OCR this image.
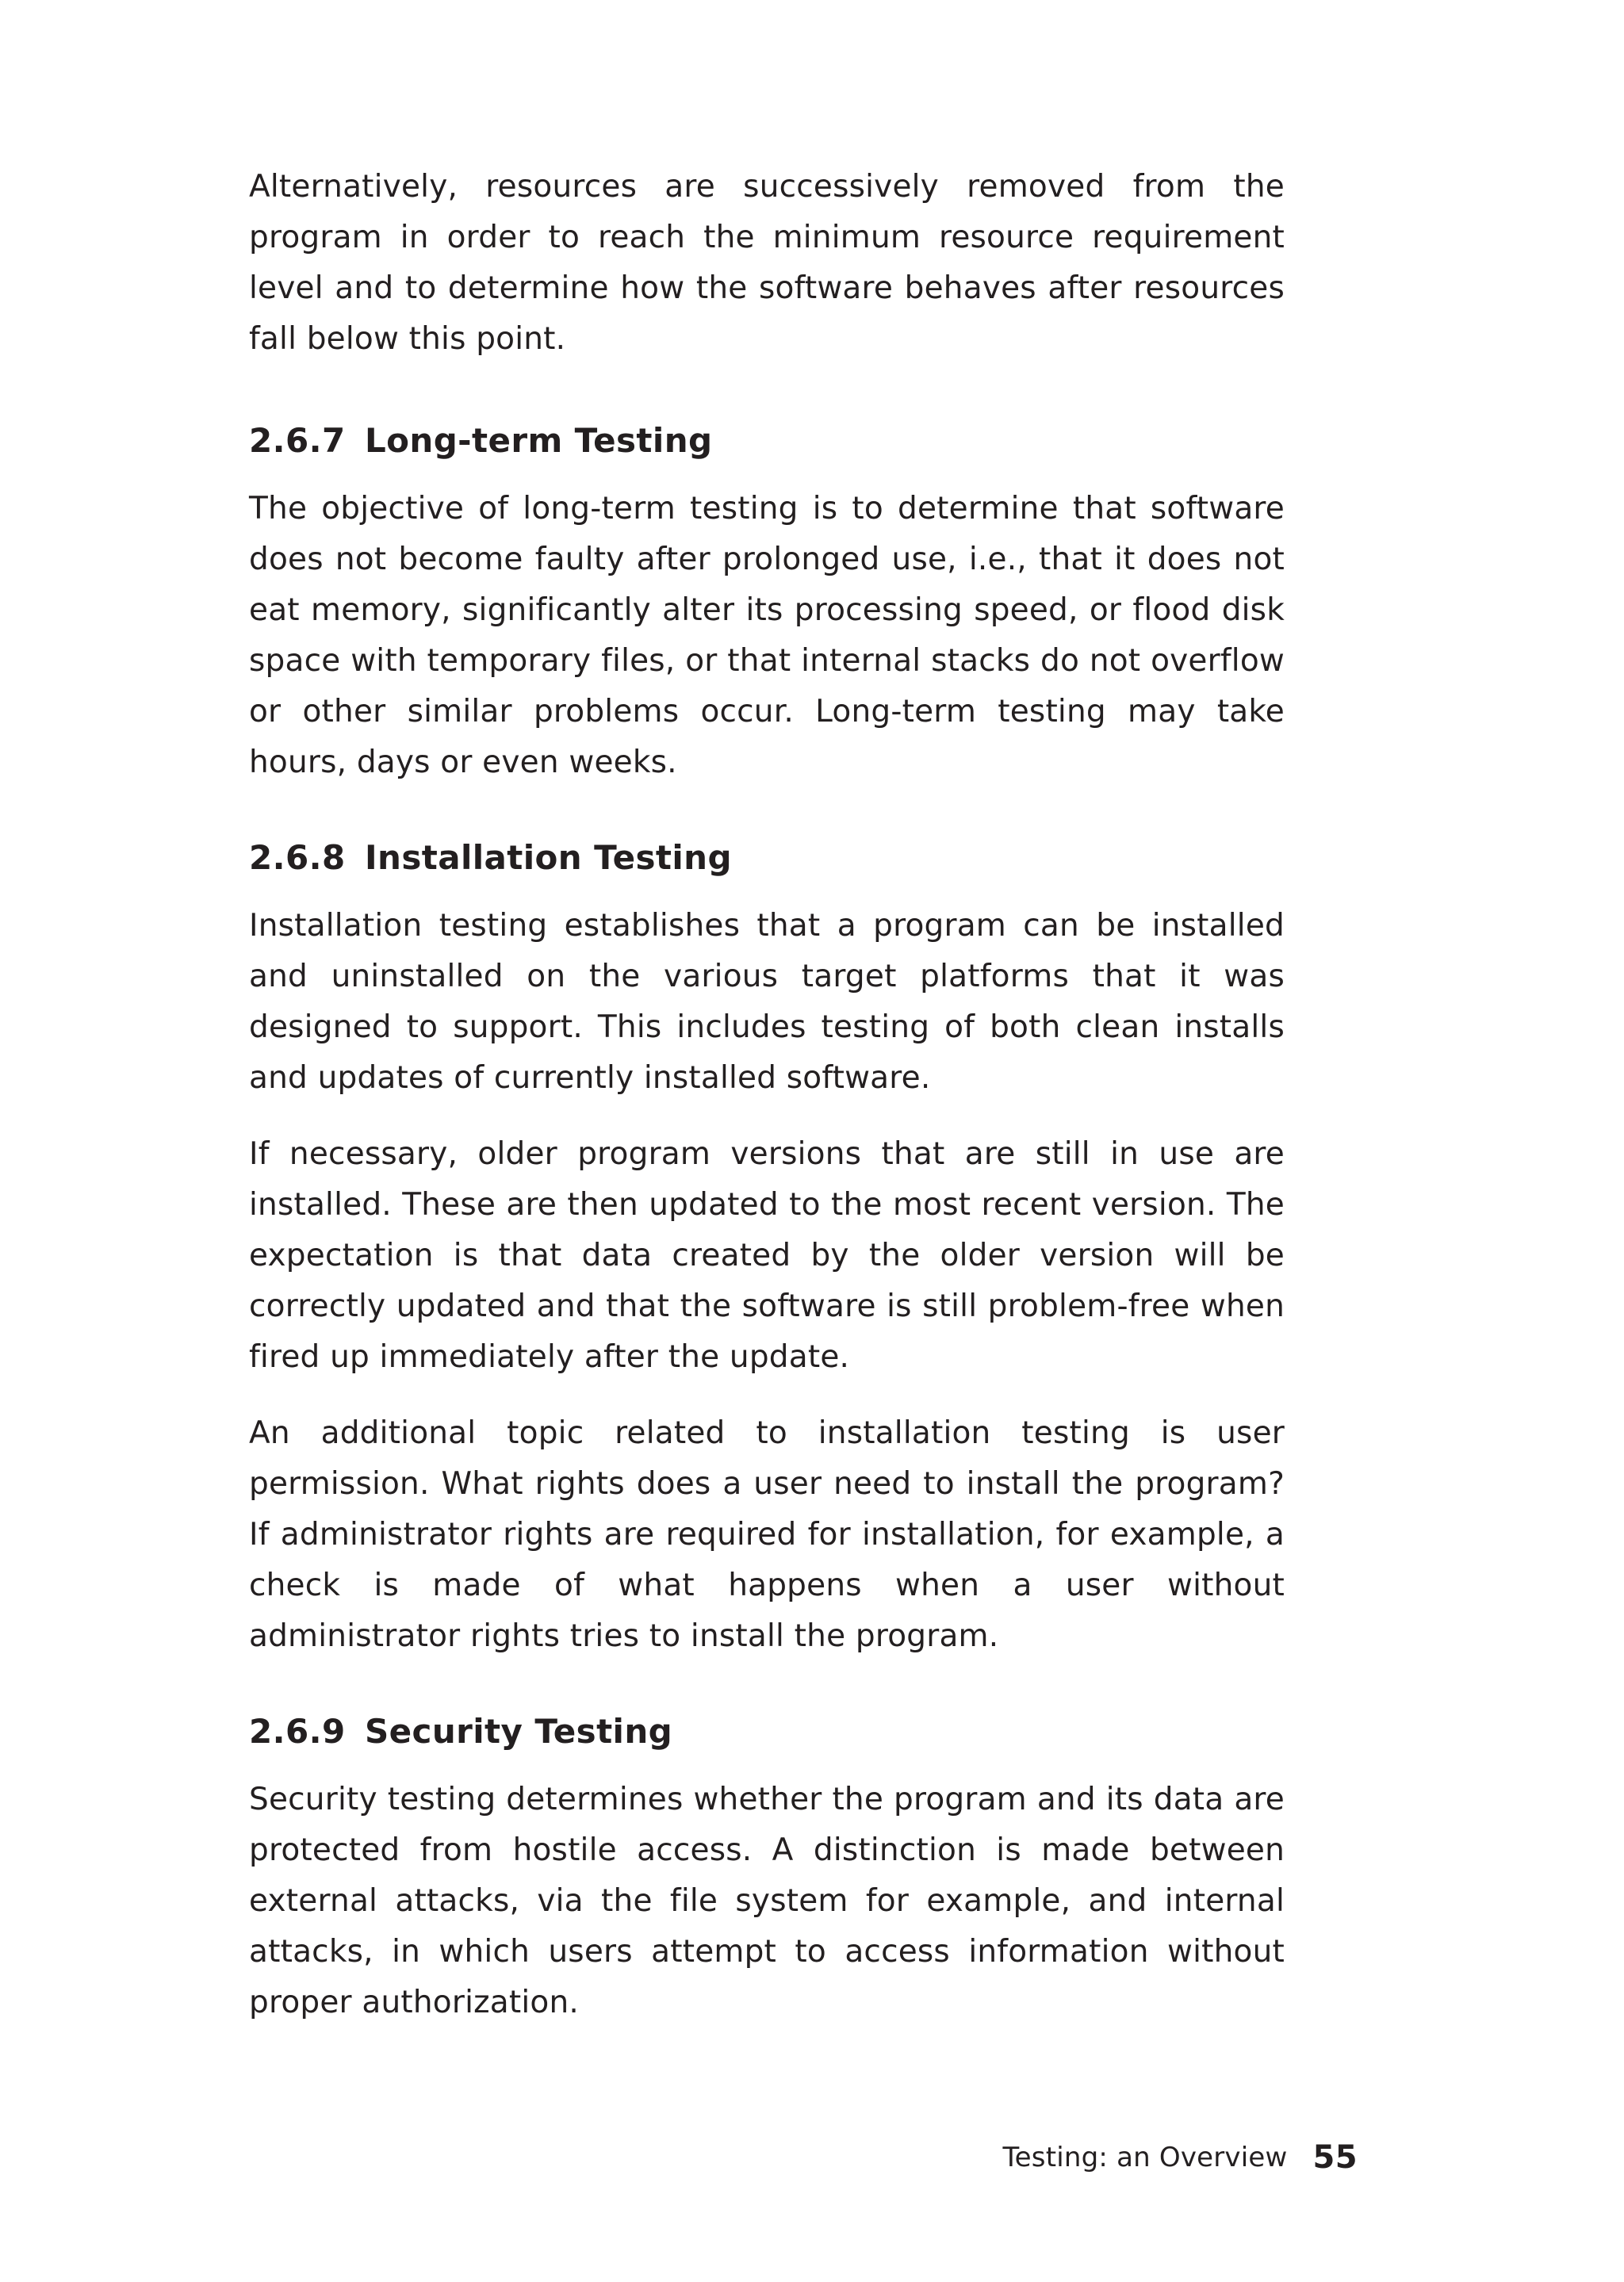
Alternatively, resources are successively removed from the program in order to reach the minimum resource requirement level and to determine how the software behaves after resources fall below this point.

2.6.7 Long-term Testing

The objective of long-term testing is to determine that software does not become faulty after prolonged use, i.e., that it does not eat memory, significantly alter its processing speed, or flood disk space with temporary files, or that internal stacks do not overflow or other similar problems occur. Long-term testing may take hours, days or even weeks.

2.6.8 Installation Testing

Installation testing establishes that a program can be installed and uninstalled on the various target platforms that it was designed to support. This includes testing of both clean installs and updates of currently installed software.

If necessary, older program versions that are still in use are installed. These are then updated to the most recent version. The expectation is that data created by the older version will be correctly updated and that the software is still problem-free when fired up immediately after the update.

An additional topic related to installation testing is user permission. What rights does a user need to install the program? If administrator rights are required for installation, for example, a check is made of what happens when a user without administrator rights tries to install the program.

2.6.9 Security Testing

Security testing determines whether the program and its data are protected from hostile access. A distinction is made between external attacks, via the file system for example, and internal attacks, in which users attempt to access information without proper authorization.

Testing: an Overview 55
